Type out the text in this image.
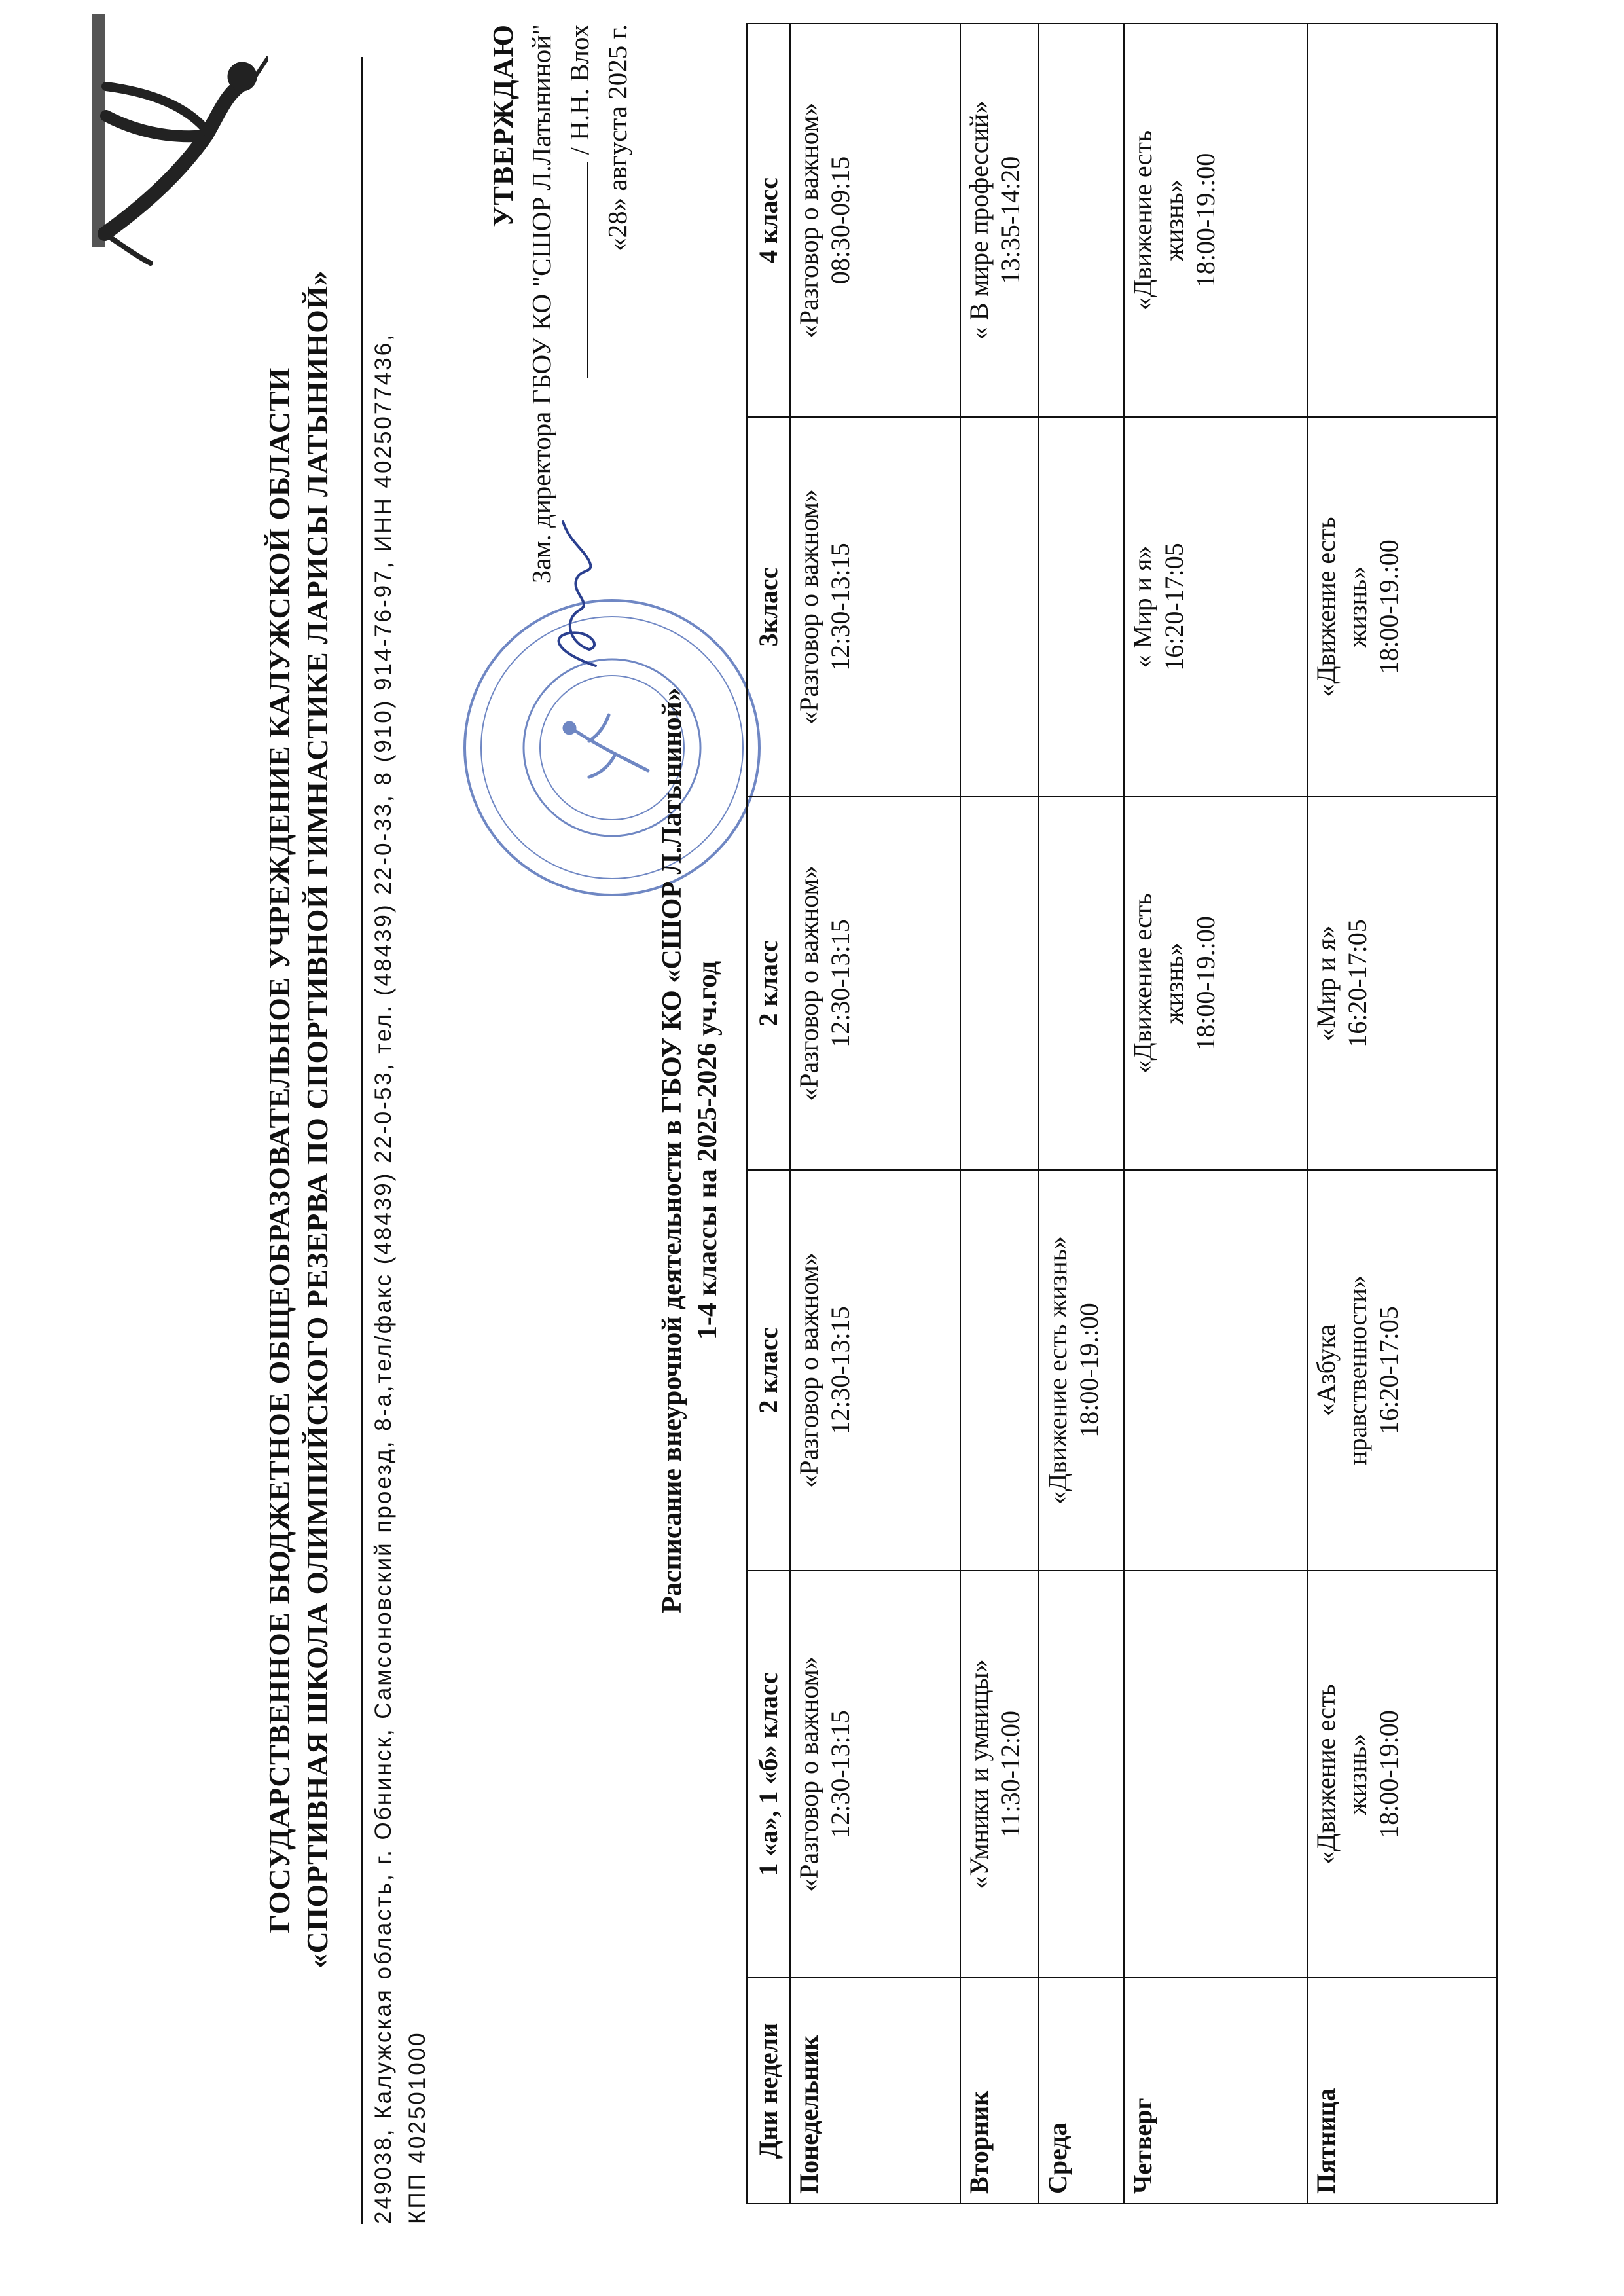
ГОСУДАРСТВЕННОЕ БЮДЖЕТНОЕ ОБЩЕОБРАЗОВАТЕЛЬНОЕ УЧРЕЖДЕНИЕ КАЛУЖСКОЙ ОБЛАСТИ «СПОРТИВНАЯ ШКОЛА ОЛИМПИЙСКОГО РЕЗЕРВА ПО СПОРТИВНОЙ ГИМНАСТИКЕ ЛАРИСЫ ЛАТЫНИНОЙ» 249038, Калужская область, г. Обнинск, Самсоновский проезд, 8-а,тел/факс (48439) 22-0-53, тел. (48439) 22-0-33, 8 (910) 914-76-97, ИНН 4025077436, КПП 402501000
УТВЕРЖДАЮ Зам. директора ГБОУ КО "СШОР Л.Латыниной" / Н.Н. Влох «28» августа 2025 г.
Расписание внеурочной деятельности в ГБОУ КО «СШОР Л.Латыниной» 1-4 классы на 2025-2026 уч.год
Дни недели	1 «а», 1 «б» класс	2 класс	2 класс	3класс	4 класс
Понедельник	«Разговор о важном» 12:30-13:15	«Разговор о важном» 12:30-13:15	«Разговор о важном» 12:30-13:15	«Разговор о важном» 12:30-13:15	«Разговор о важном» 08:30-09:15

Вторник	«Умники и умницы» 11:30-12:00				« В мире профессий» 13:35-14:20

Среда		«Движение есть жизнь» 18:00-19.:00			

Четверг			«Движение есть жизнь» 18:00-19.:00	« Мир и я» 16:20-17:05	«Движение есть жизнь» 18:00-19.:00

Пятница	«Движение есть жизнь» 18:00-19:00	«Азбука нравственности» 16:20-17:05	«Мир и я» 16:20-17:05	«Движение есть жизнь» 18:00-19.:00	
